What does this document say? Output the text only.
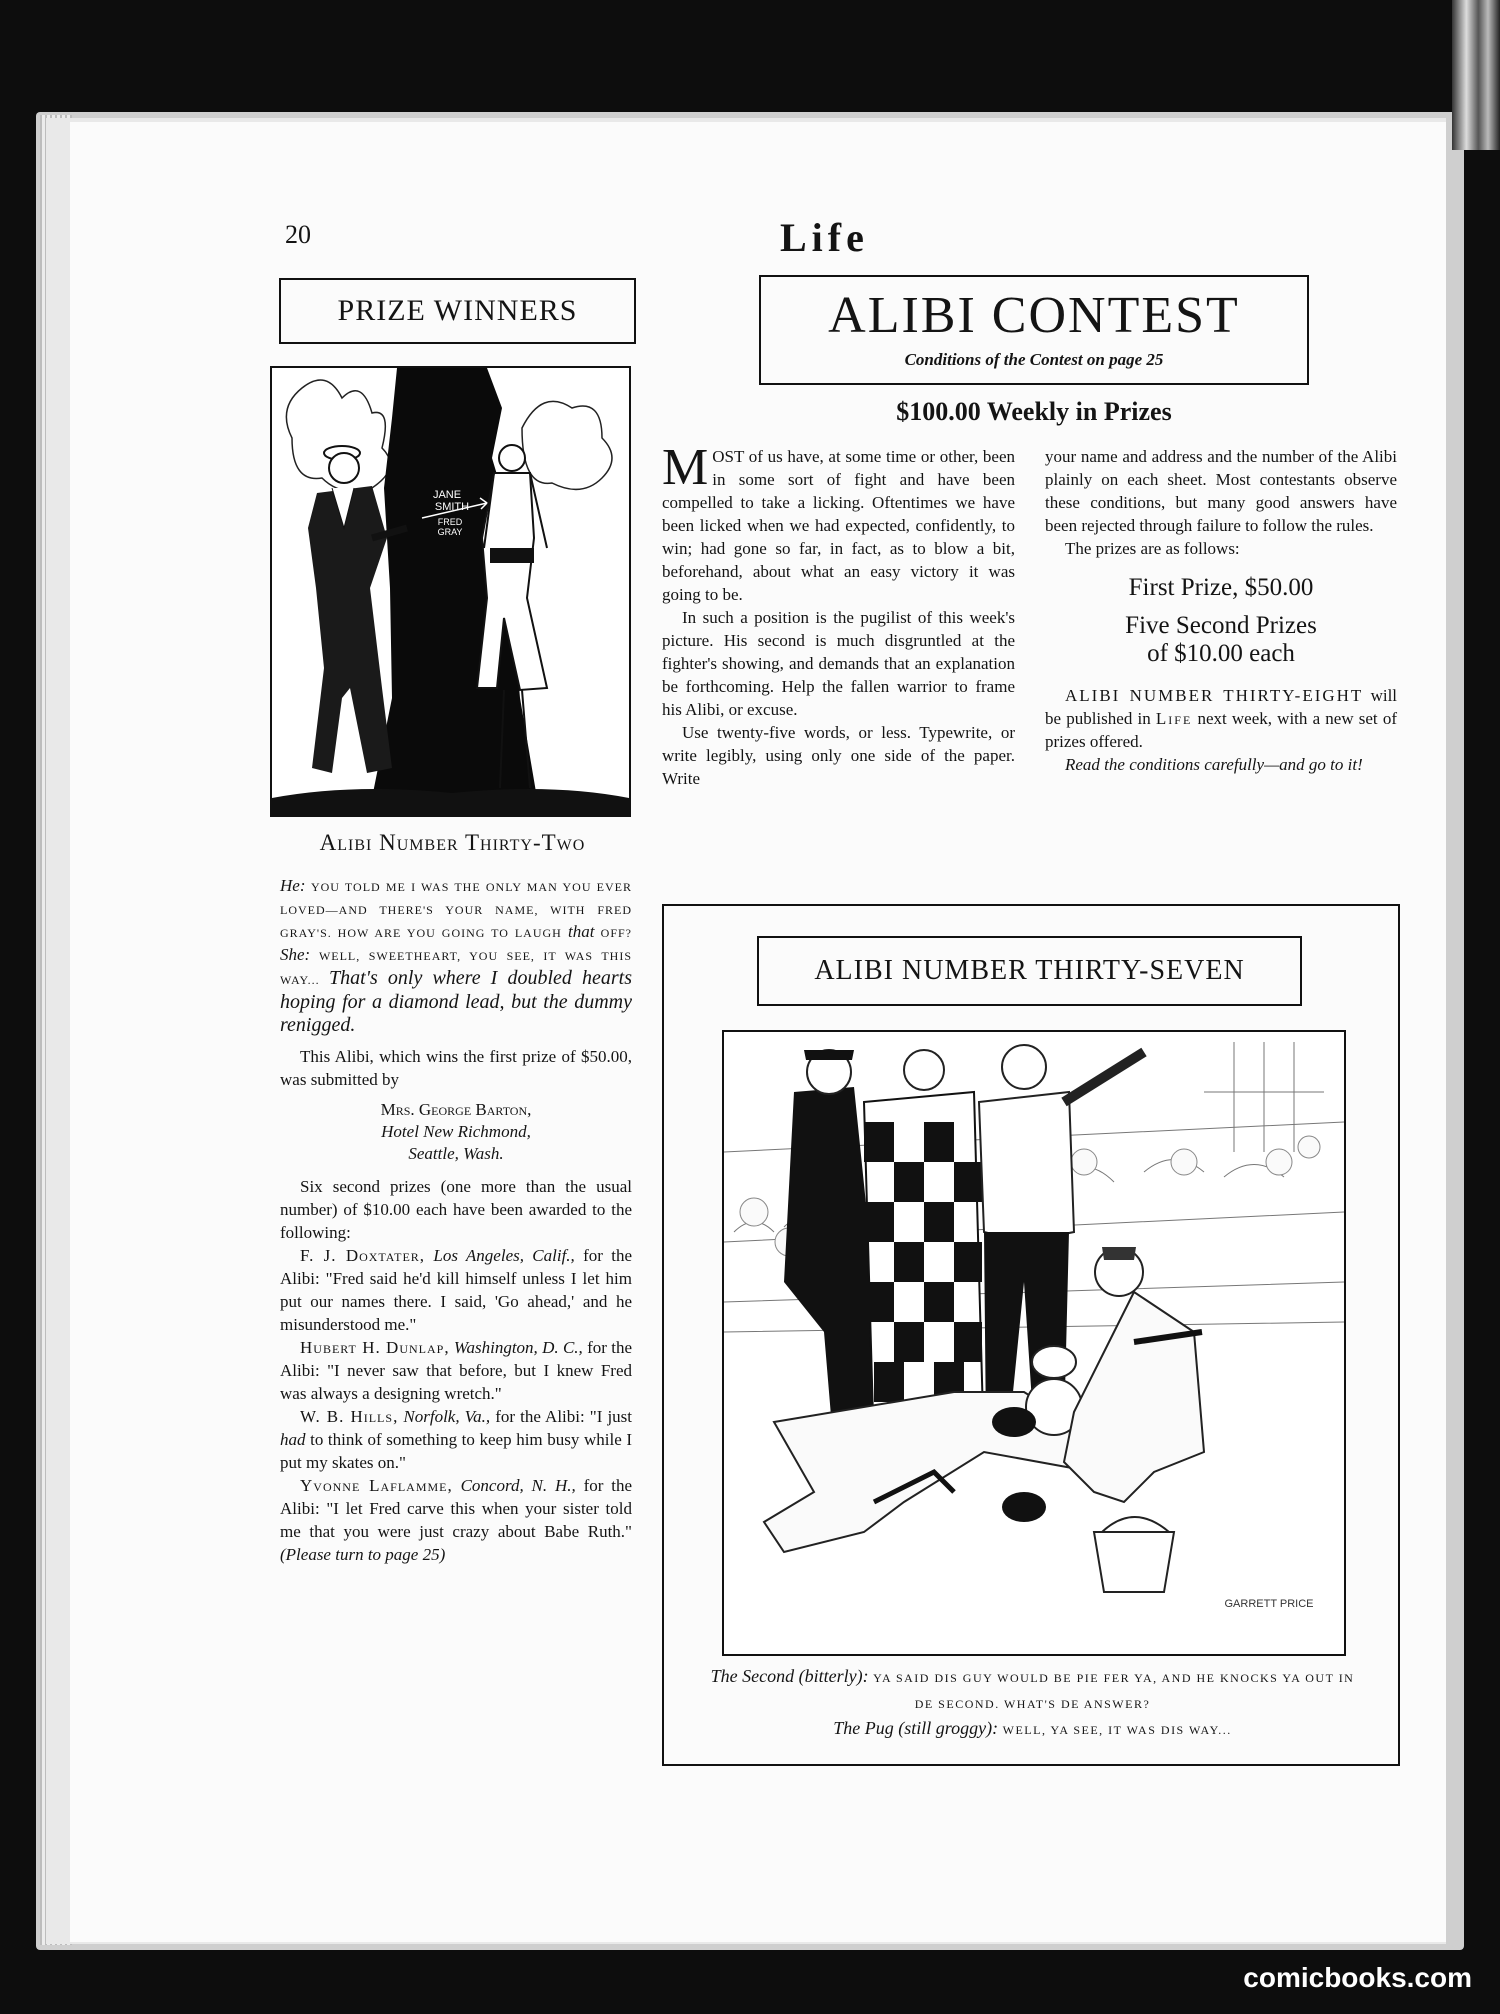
20	Life
PRIZE WINNERS
JANE
SMITH
FRED
GRAY
Alibi Number Thirty-Two
He: YOU TOLD ME I WAS THE ONLY MAN YOU EVER LOVED—AND THERE'S YOUR NAME, WITH FRED GRAY'S. HOW ARE YOU GOING TO LAUGH that OFF? She: WELL, SWEETHEART, YOU SEE, IT WAS THIS WAY... That's only where I doubled hearts hoping for a diamond lead, but the dummy renigged.

This Alibi, which wins the first prize of $50.00, was submitted by

Mrs. George Barton,
Hotel New Richmond,
Seattle, Wash.

Six second prizes (one more than the usual number) of $10.00 each have been awarded to the following:

F. J. Doxtater, Los Angeles, Calif., for the Alibi: "Fred said he'd kill himself unless I let him put our names there. I said, 'Go ahead,' and he misunderstood me."

Hubert H. Dunlap, Washington, D. C., for the Alibi: "I never saw that before, but I knew Fred was always a designing wretch."

W. B. Hills, Norfolk, Va., for the Alibi: "I just had to think of something to keep him busy while I put my skates on."

Yvonne Laflamme, Concord, N. H., for the Alibi: "I let Fred carve this when your sister told me that you were just crazy about Babe Ruth." (Please turn to page 25)

ALIBI CONTEST
Conditions of the Contest on page 25
$100.00 Weekly in Prizes

MOST of us have, at some time or other, been in some sort of fight and have been compelled to take a licking. Oftentimes we have been licked when we had expected, confidently, to win; had gone so far, in fact, as to blow a bit, beforehand, about what an easy victory it was going to be.

In such a position is the pugilist of this week's picture. His second is much disgruntled at the fighter's showing, and demands that an explanation be forthcoming. Help the fallen warrior to frame his Alibi, or excuse.

Use twenty-five words, or less. Typewrite, or write legibly, using only one side of the paper. Write

your name and address and the number of the Alibi plainly on each sheet. Most contestants observe these conditions, but many good answers have been rejected through failure to follow the rules.

The prizes are as follows:

First Prize, $50.00
Five Second Prizes
of $10.00 each

ALIBI NUMBER THIRTY-EIGHT will be published in Life next week, with a new set of prizes offered.

Read the conditions carefully—and go to it!

ALIBI NUMBER THIRTY-SEVEN
GARRETT PRICE
The Second (bitterly): YA SAID DIS GUY WOULD BE PIE FER YA, AND HE KNOCKS YA OUT IN DE SECOND. WHAT'S DE ANSWER?
The Pug (still groggy): WELL, YA SEE, IT WAS DIS WAY...
comicbooks.com
